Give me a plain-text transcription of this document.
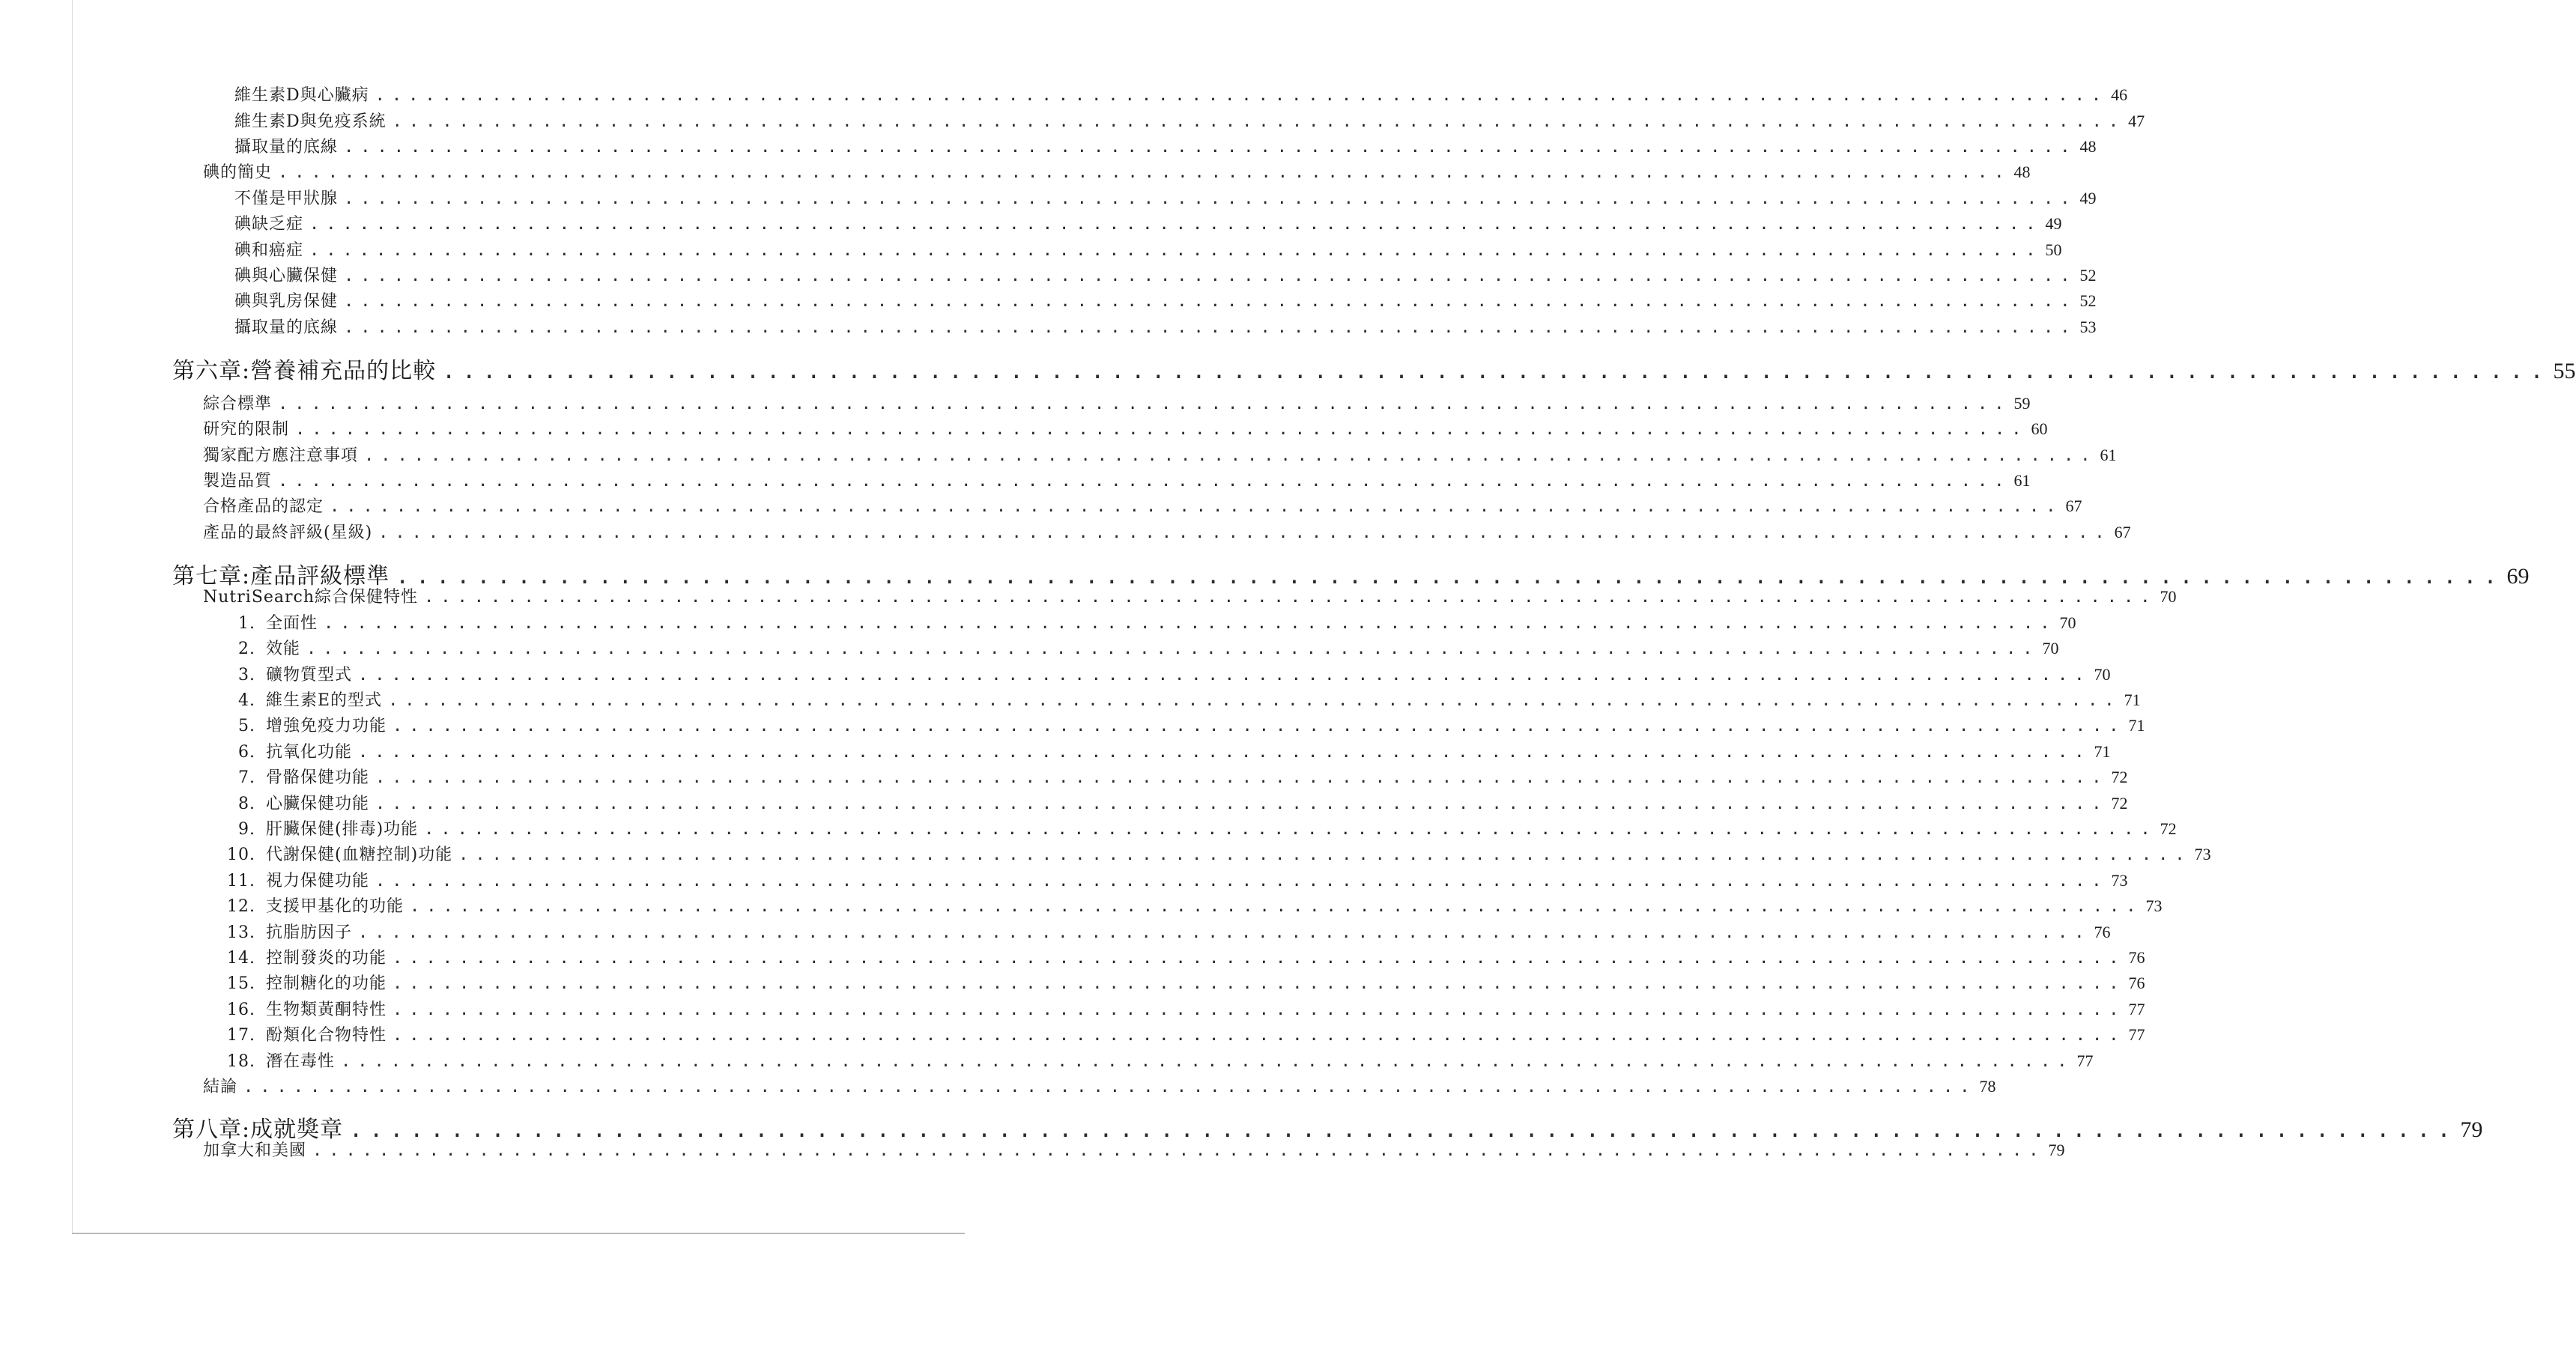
維生素D與心臟病 ........................................................................................................ 46
維生素D與免疫系統 ........................................................................................................ 47
攝取量的底線 ........................................................................................................ 48
碘的簡史 ........................................................................................................ 48
不僅是甲狀腺 ........................................................................................................ 49
碘缺乏症 ........................................................................................................ 49
碘和癌症 ........................................................................................................ 50
碘與心臟保健 ........................................................................................................ 52
碘與乳房保健 ........................................................................................................ 52
攝取量的底線 ........................................................................................................ 53
第六章:營養補充品的比較 ........................................................................................................ 55
綜合標準 ........................................................................................................ 59
研究的限制 ........................................................................................................ 60
獨家配方應注意事項 ........................................................................................................ 61
製造品質 ........................................................................................................ 61
合格產品的認定 ........................................................................................................ 67
產品的最終評級(星級) ........................................................................................................ 67
第七章:產品評級標準 ........................................................................................................ 69
NutriSearch綜合保健特性 ........................................................................................................ 70
1. 全面性 ........................................................................................................ 70
2. 效能 ........................................................................................................ 70
3. 礦物質型式 ........................................................................................................ 70
4. 維生素E的型式 ........................................................................................................ 71
5. 增強免疫力功能 ........................................................................................................ 71
6. 抗氧化功能 ........................................................................................................ 71
7. 骨骼保健功能 ........................................................................................................ 72
8. 心臟保健功能 ........................................................................................................ 72
9. 肝臟保健(排毒)功能 ........................................................................................................ 72
10. 代謝保健(血糖控制)功能 ........................................................................................................ 73
11. 視力保健功能 ........................................................................................................ 73
12. 支援甲基化的功能 ........................................................................................................ 73
13. 抗脂肪因子 ........................................................................................................ 76
14. 控制發炎的功能 ........................................................................................................ 76
15. 控制糖化的功能 ........................................................................................................ 76
16. 生物類黃酮特性 ........................................................................................................ 77
17. 酚類化合物特性 ........................................................................................................ 77
18. 潛在毒性 ........................................................................................................ 77
結論 ........................................................................................................ 78
第八章:成就獎章 ........................................................................................................ 79
加拿大和美國 ........................................................................................................ 79
